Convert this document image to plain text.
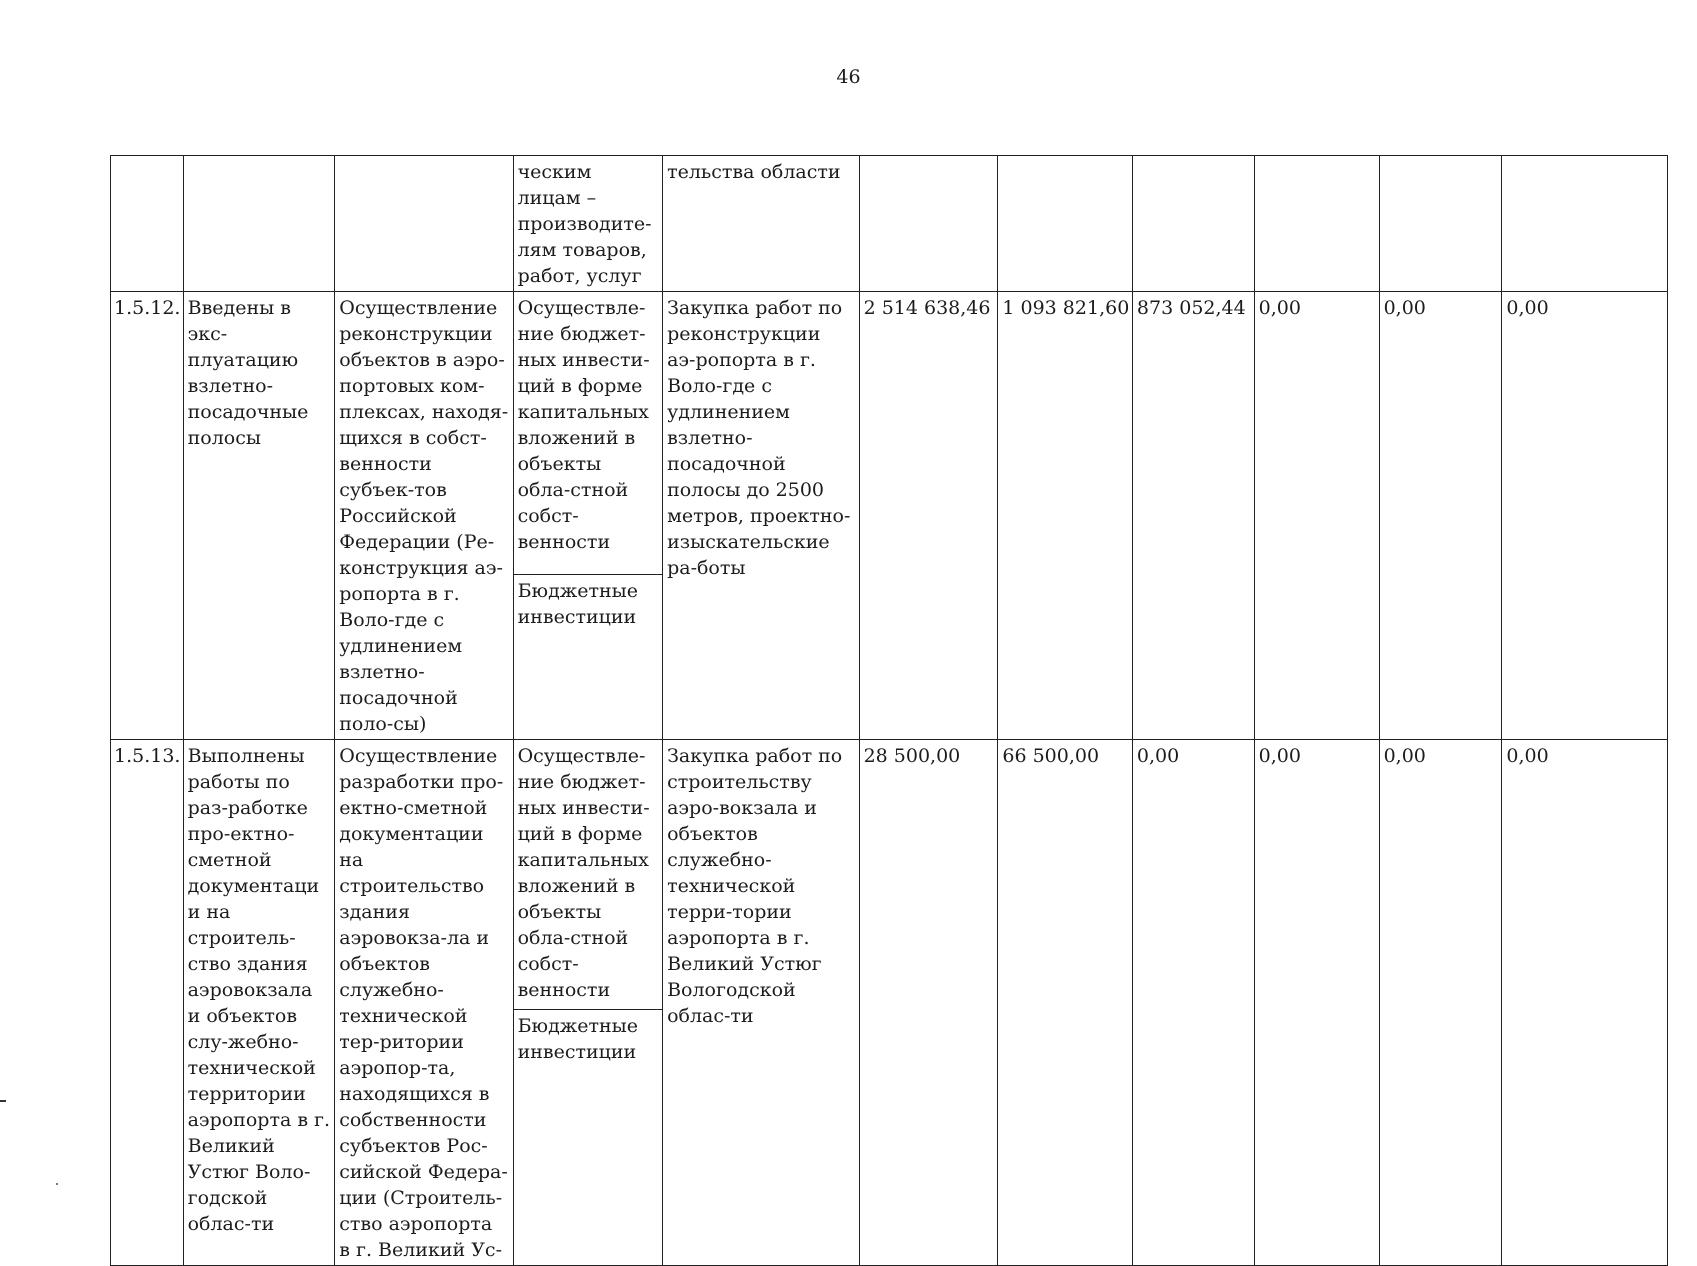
46
			ческим лицам – производите-лям товаров, работ, услуг	тельства области						
1.5.12.	Введены в экс-плуатацию взлетно-посадочные полосы	Осуществление реконструкции объектов в аэро-портовых ком-плексах, находя-щихся в собст-венности субъек-тов Российской Федерации (Ре-конструкция аэ-ропорта в г. Воло-где с удлинением взлетно-посадочной поло-сы)	Осуществле-ние бюджет-ных инвести-ций в форме капитальных вложений в объекты обла-стной собст-венности	Закупка работ по реконструкции аэ-ропорта в г. Воло-где с удлинением взлетно-посадочной полосы до 2500 метров, проектно-изыскательские ра-боты	2 514 638,46	1 093 821,60	873 052,44	0,00	0,00	0,00
			Бюджетные инвестиции							
1.5.13.	Выполнены работы по раз-работке про-ектно-сметной документации на строитель-ство здания аэровокзала и объектов слу-жебно-технической территории аэропорта в г. Великий Устюг Воло-годской облас-ти	Осуществление разработки про-ектно-сметной документации на строительство здания аэровокза-ла и объектов служебно-технической тер-ритории аэропор-та, находящихся в собственности субъектов Рос-сийской Федера-ции (Строитель-ство аэропорта в г. Великий Ус-	Осуществле-ние бюджет-ных инвести-ций в форме капитальных вложений в объекты обла-стной собст-венности	Закупка работ по строительству аэро-вокзала и объектов служебно-технической терри-тории аэропорта в г. Великий Устюг Вологодской облас-ти	28 500,00	66 500,00	0,00	0,00	0,00	0,00
			Бюджетные инвестиции							
